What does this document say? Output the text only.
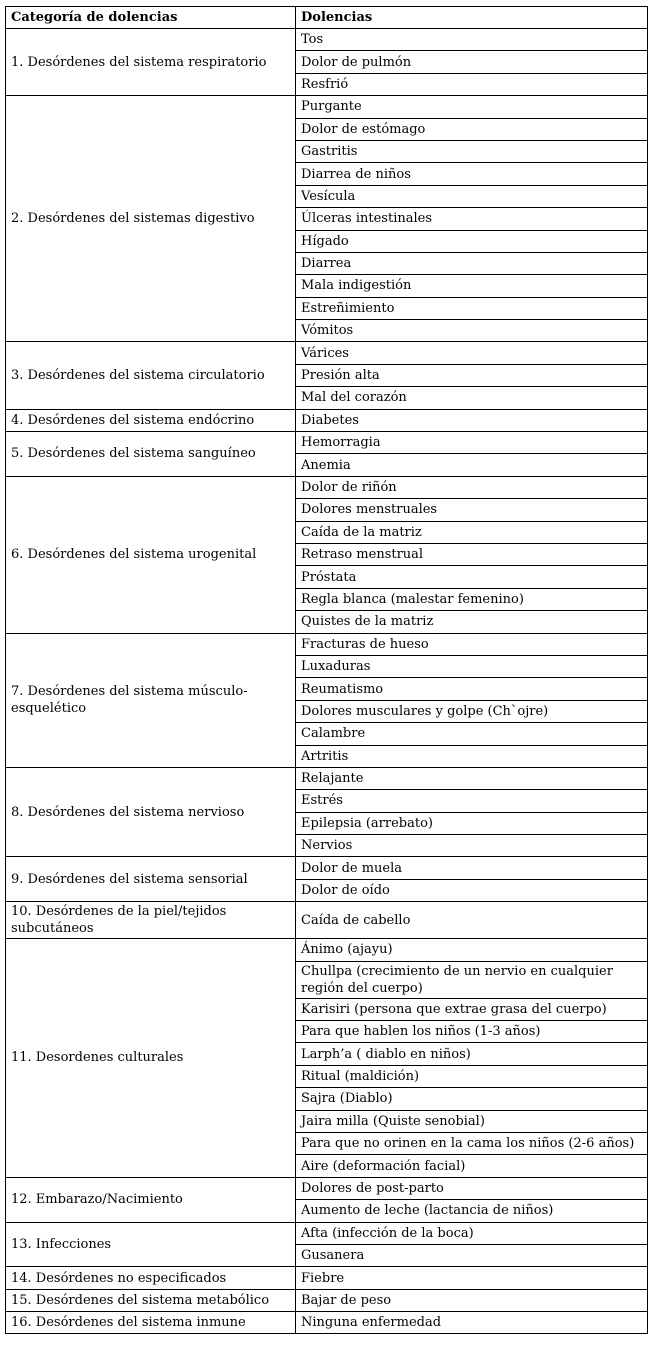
Categoría de dolencias	Dolencias
1. Desórdenes del sistema respiratorio	Tos
	Dolor de pulmón
	Resfrió
2. Desórdenes del sistemas digestivo	Purgante
	Dolor de estómago
	Gastritis
	Diarrea de niños
	Vesícula
	Úlceras intestinales
	Hígado
	Diarrea
	Mala indigestión
	Estreñimiento
	Vómitos
3. Desórdenes del sistema circulatorio	Várices
	Presión alta
	Mal del corazón
4. Desórdenes del sistema endócrino	Diabetes
5. Desórdenes del sistema sanguíneo	Hemorragia
	Anemia
6. Desórdenes del sistema urogenital	Dolor de riñón
	Dolores menstruales
	Caída de la matriz
	Retraso menstrual
	Próstata
	Regla blanca (malestar femenino)
	Quistes de la matriz
7. Desórdenes del sistema músculo-esquelético	Fracturas de hueso
	Luxaduras
	Reumatismo
	Dolores musculares y golpe (Ch`ojre)
	Calambre
	Artritis
8. Desórdenes del sistema nervioso	Relajante
	Estrés
	Epilepsia (arrebato)
	Nervios
9. Desórdenes del sistema sensorial	Dolor de muela
	Dolor de oído
10. Desórdenes de la piel/tejidos subcutáneos	Caída de cabello
11. Desordenes culturales	Ánimo (ajayu)
	Chullpa (crecimiento de un nervio en cualquier región del cuerpo)
	Karisiri (persona que extrae grasa del cuerpo)
	Para que hablen los niños (1-3 años)
	Larph’a ( diablo en niños)
	Ritual (maldición)
	Sajra (Diablo)
	Jaira milla (Quiste senobial)
	Para que no orinen en la cama los niños (2-6 años)
	Aire (deformación facial)
12. Embarazo/Nacimiento	Dolores de post-parto
	Aumento de leche (lactancia de niños)
13. Infecciones	Afta (infección de la boca)
	Gusanera
14. Desórdenes no especificados	Fiebre
15. Desórdenes del sistema metabólico	Bajar de peso
16. Desórdenes del sistema inmune	Ninguna enfermedad
